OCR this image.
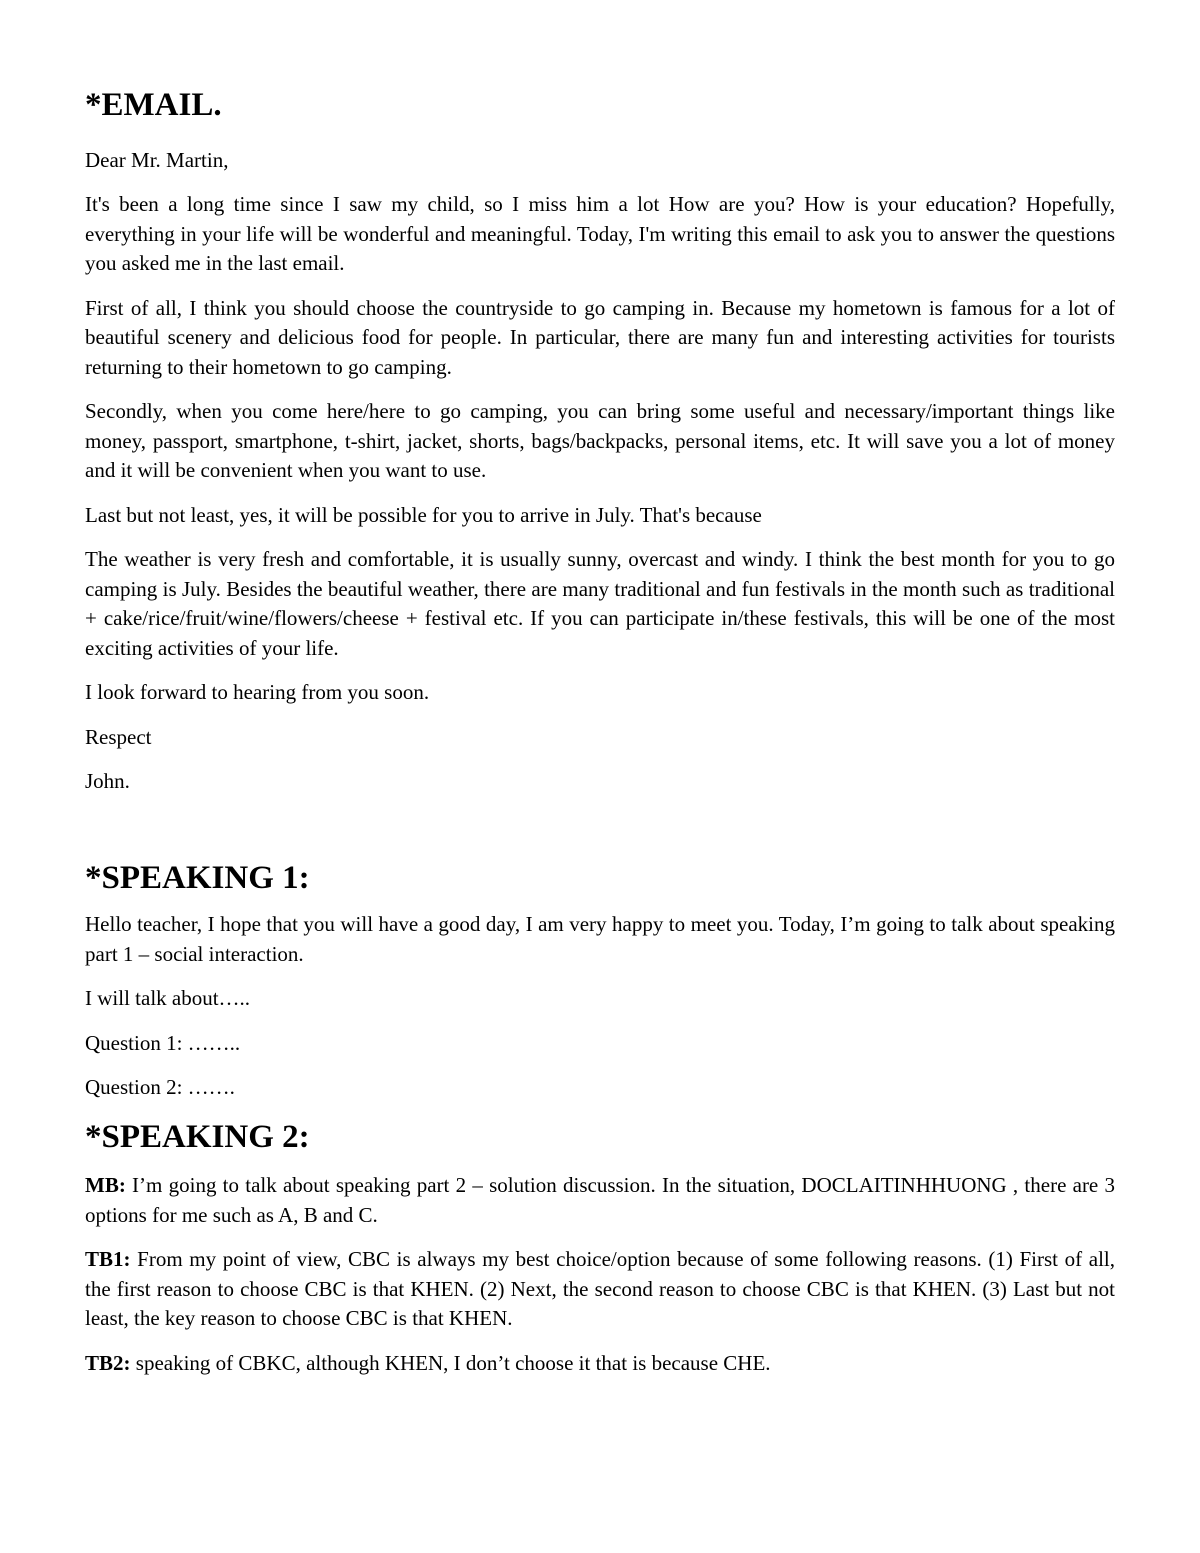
*EMAIL.

Dear Mr. Martin,

It's been a long time since I saw my child, so I miss him a lot How are you? How is your education? Hopefully, everything in your life will be wonderful and meaningful. Today, I'm writing this email to ask you to answer the questions you asked me in the last email.

First of all, I think you should choose the countryside to go camping in. Because my hometown is famous for a lot of beautiful scenery and delicious food for people. In particular, there are many fun and interesting activities for tourists returning to their hometown to go camping.

Secondly, when you come here/here to go camping, you can bring some useful and necessary/important things like money, passport, smartphone, t-shirt, jacket, shorts, bags/backpacks, personal items, etc. It will save you a lot of money and it will be convenient when you want to use.

Last but not least, yes, it will be possible for you to arrive in July. That's because

The weather is very fresh and comfortable, it is usually sunny, overcast and windy. I think the best month for you to go camping is July. Besides the beautiful weather, there are many traditional and fun festivals in the month such as traditional + cake/rice/fruit/wine/flowers/cheese + festival etc. If you can participate in/these festivals, this will be one of the most exciting activities of your life.

I look forward to hearing from you soon.

Respect

John.

*SPEAKING 1:

Hello teacher, I hope that you will have a good day, I am very happy to meet you. Today, I’m going to talk about speaking part 1 – social interaction.

I will talk about…..

Question 1: ……..

Question 2: …….

*SPEAKING 2:

MB: I’m going to talk about speaking part 2 – solution discussion. In the situation, DOCLAITINHHUONG , there are 3 options for me such as A, B and C.

TB1: From my point of view, CBC is always my best choice/option because of some following reasons. (1) First of all, the first reason to choose CBC is that KHEN. (2) Next, the second reason to choose CBC is that KHEN. (3) Last but not least, the key reason to choose CBC is that KHEN.

TB2: speaking of CBKC, although KHEN, I don’t choose it that is because CHE.
